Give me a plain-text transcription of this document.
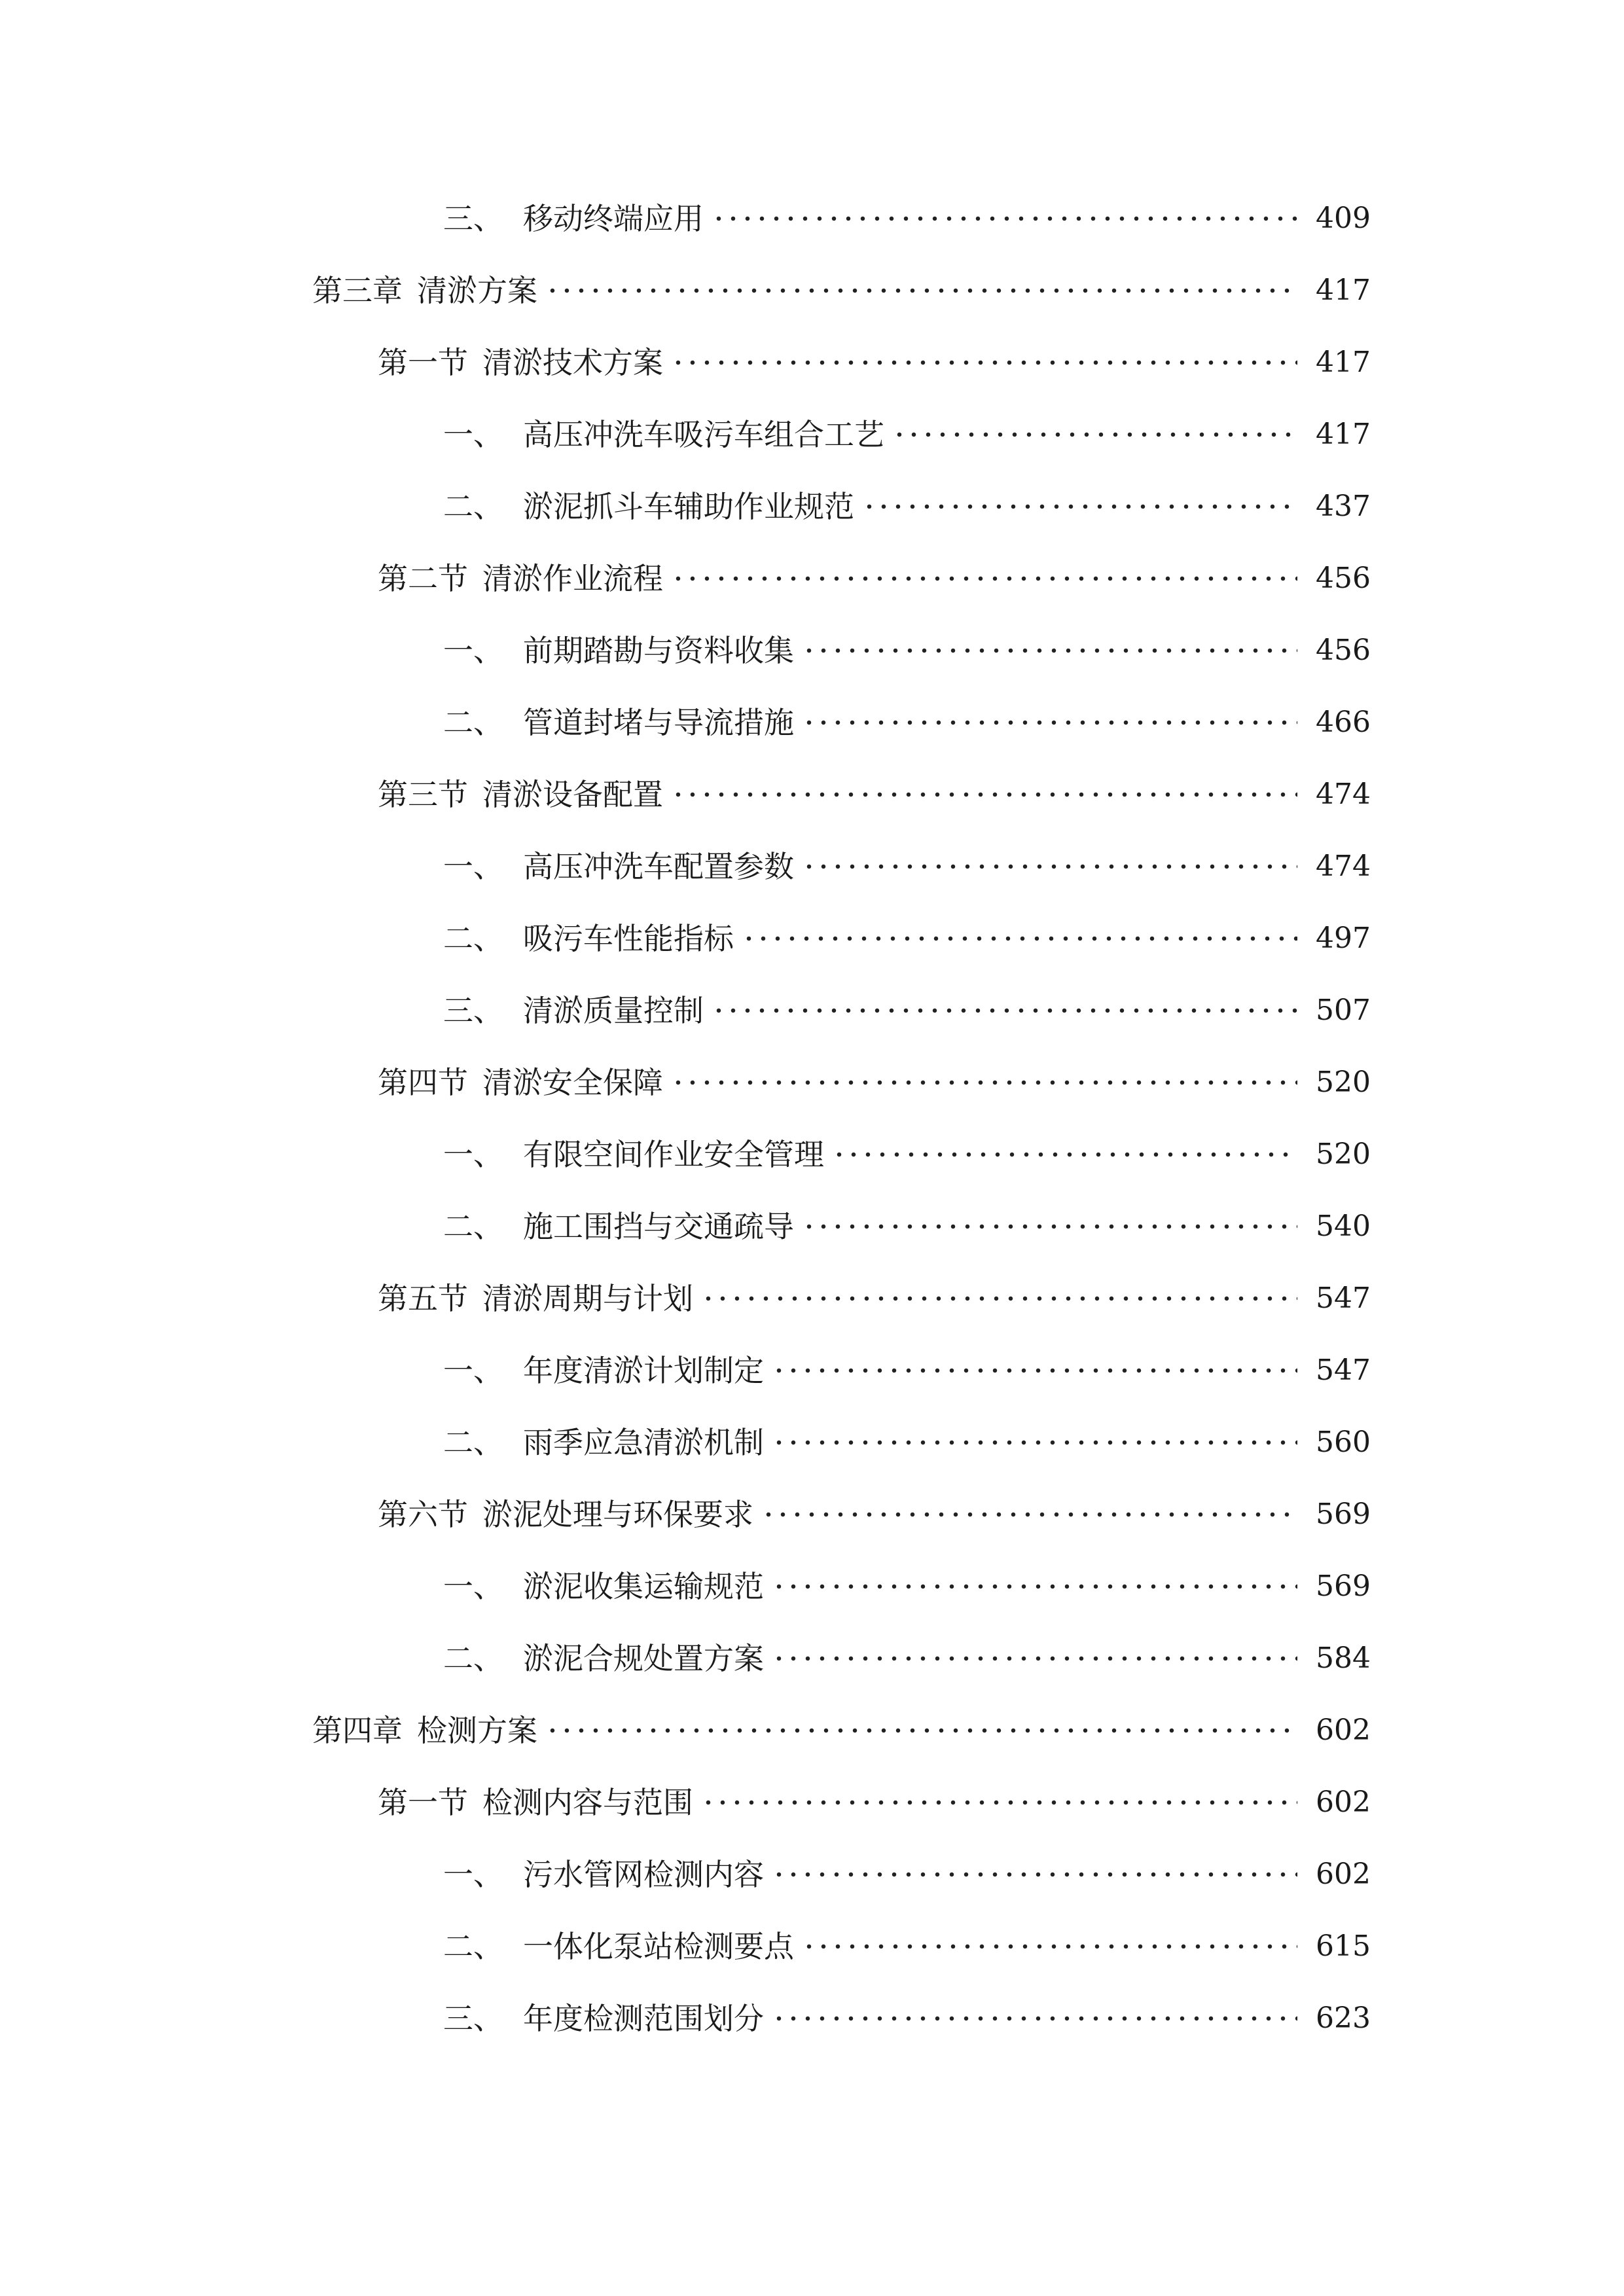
三、 移动终端应用	409
第三章 清淤方案	417
第一节 清淤技术方案	417
一、 高压冲洗车吸污车组合工艺	417
二、 淤泥抓斗车辅助作业规范	437
第二节 清淤作业流程	456
一、 前期踏勘与资料收集	456
二、 管道封堵与导流措施	466
第三节 清淤设备配置	474
一、 高压冲洗车配置参数	474
二、 吸污车性能指标	497
三、 清淤质量控制	507
第四节 清淤安全保障	520
一、 有限空间作业安全管理	520
二、 施工围挡与交通疏导	540
第五节 清淤周期与计划	547
一、 年度清淤计划制定	547
二、 雨季应急清淤机制	560
第六节 淤泥处理与环保要求	569
一、 淤泥收集运输规范	569
二、 淤泥合规处置方案	584
第四章 检测方案	602
第一节 检测内容与范围	602
一、 污水管网检测内容	602
二、 一体化泵站检测要点	615
三、 年度检测范围划分	623
